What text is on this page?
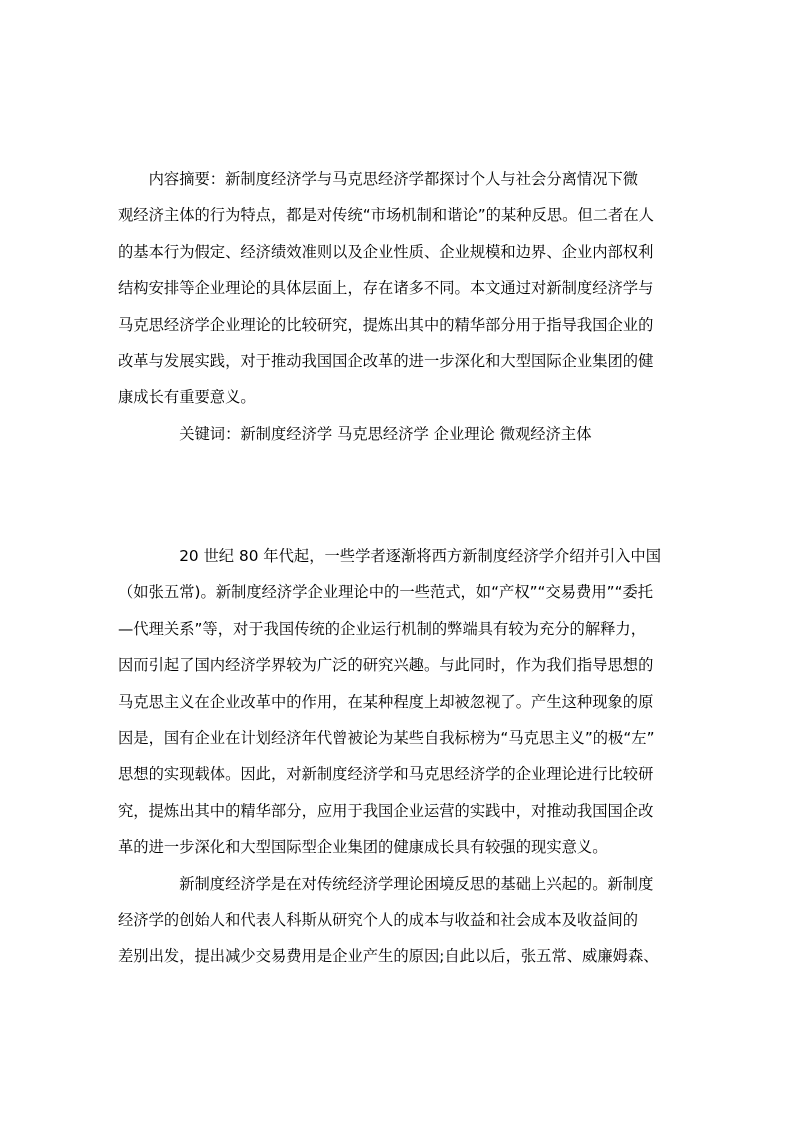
　　内容摘要：新制度经济学与马克思经济学都探讨个人与社会分离情况下微
观经济主体的行为特点，都是对传统“市场机制和谐论”的某种反思。但二者在人
的基本行为假定、经济绩效准则以及企业性质、企业规模和边界、企业内部权利
结构安排等企业理论的具体层面上，存在诸多不同。本文通过对新制度经济学与
马克思经济学企业理论的比较研究，提炼出其中的精华部分用于指导我国企业的
改革与发展实践，对于推动我国国企改革的进一步深化和大型国际企业集团的健
康成长有重要意义。
　　　　关键词：新制度经济学 马克思经济学 企业理论 微观经济主体
　　　　20 世纪 80 年代起，一些学者逐渐将西方新制度经济学介绍并引入中国
（如张五常)。新制度经济学企业理论中的一些范式，如“产权”“交易费用”“委托
—代理关系”等，对于我国传统的企业运行机制的弊端具有较为充分的解释力，
因而引起了国内经济学界较为广泛的研究兴趣。与此同时，作为我们指导思想的
马克思主义在企业改革中的作用，在某种程度上却被忽视了。产生这种现象的原
因是，国有企业在计划经济年代曾被论为某些自我标榜为“马克思主义”的极“左”
思想的实现载体。因此，对新制度经济学和马克思经济学的企业理论进行比较研
究，提炼出其中的精华部分，应用于我国企业运营的实践中，对推动我国国企改
革的进一步深化和大型国际型企业集团的健康成长具有较强的现实意义。
　　　　新制度经济学是在对传统经济学理论困境反思的基础上兴起的。新制度
经济学的创始人和代表人科斯从研究个人的成本与收益和社会成本及收益间的
差别出发，提出减少交易费用是企业产生的原因;自此以后，张五常、威廉姆森、
